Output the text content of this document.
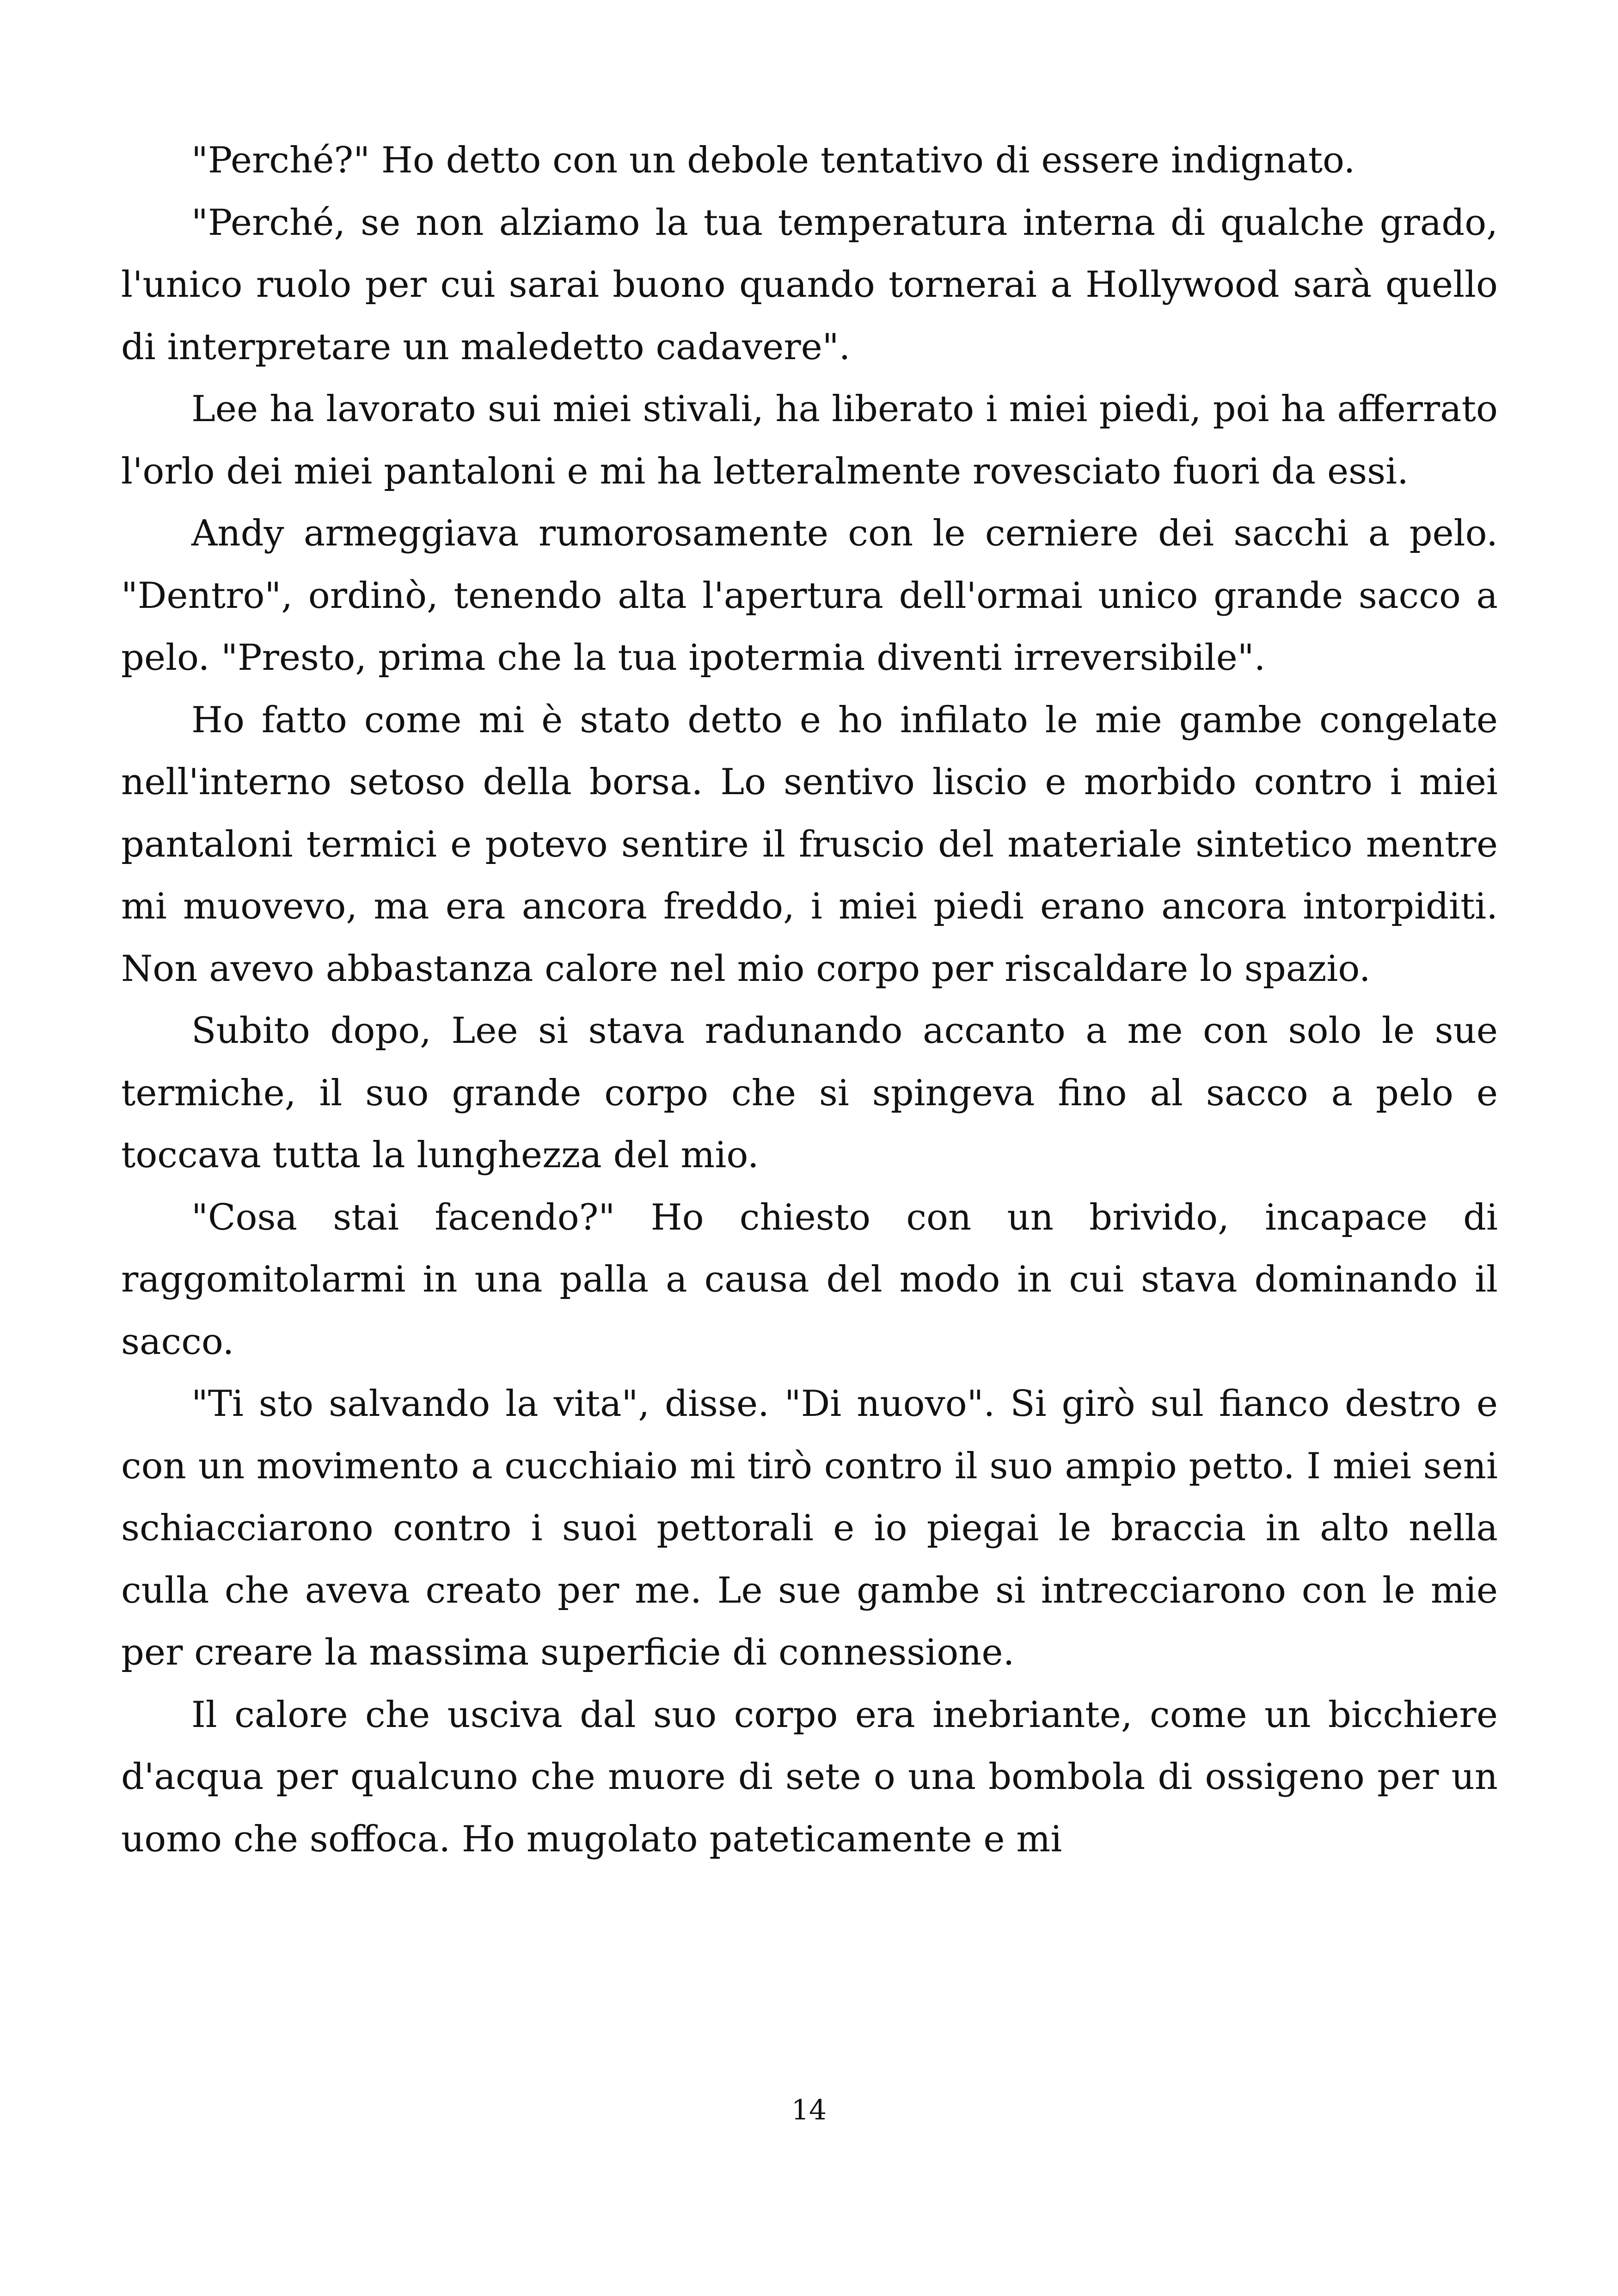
"Perché?" Ho detto con un debole tentativo di essere indignato.

"Perché, se non alziamo la tua temperatura interna di qualche grado, l'unico ruolo per cui sarai buono quando tornerai a Hollywood sarà quello di interpretare un maledetto cadavere".

Lee ha lavorato sui miei stivali, ha liberato i miei piedi, poi ha afferrato l'orlo dei miei pantaloni e mi ha letteralmente rovesciato fuori da essi.

Andy armeggiava rumorosamente con le cerniere dei sacchi a pelo. "Dentro", ordinò, tenendo alta l'apertura dell'ormai unico grande sacco a pelo. "Presto, prima che la tua ipotermia diventi irreversibile".

Ho fatto come mi è stato detto e ho infilato le mie gambe congelate nell'interno setoso della borsa. Lo sentivo liscio e morbido contro i miei pantaloni termici e potevo sentire il fruscio del materiale sintetico mentre mi muovevo, ma era ancora freddo, i miei piedi erano ancora intorpiditi. Non avevo abbastanza calore nel mio corpo per riscaldare lo spazio.

Subito dopo, Lee si stava radunando accanto a me con solo le sue termiche, il suo grande corpo che si spingeva fino al sacco a pelo e toccava tutta la lunghezza del mio.

"Cosa stai facendo?" Ho chiesto con un brivido, incapace di raggomitolarmi in una palla a causa del modo in cui stava dominando il sacco.

"Ti sto salvando la vita", disse. "Di nuovo". Si girò sul fianco destro e con un movimento a cucchiaio mi tirò contro il suo ampio petto. I miei seni schiacciarono contro i suoi pettorali e io piegai le braccia in alto nella culla che aveva creato per me. Le sue gambe si intrecciarono con le mie per creare la massima superficie di connessione.

Il calore che usciva dal suo corpo era inebriante, come un bicchiere d'acqua per qualcuno che muore di sete o una bombola di ossigeno per un uomo che soffoca. Ho mugolato pateticamente e mi

14
